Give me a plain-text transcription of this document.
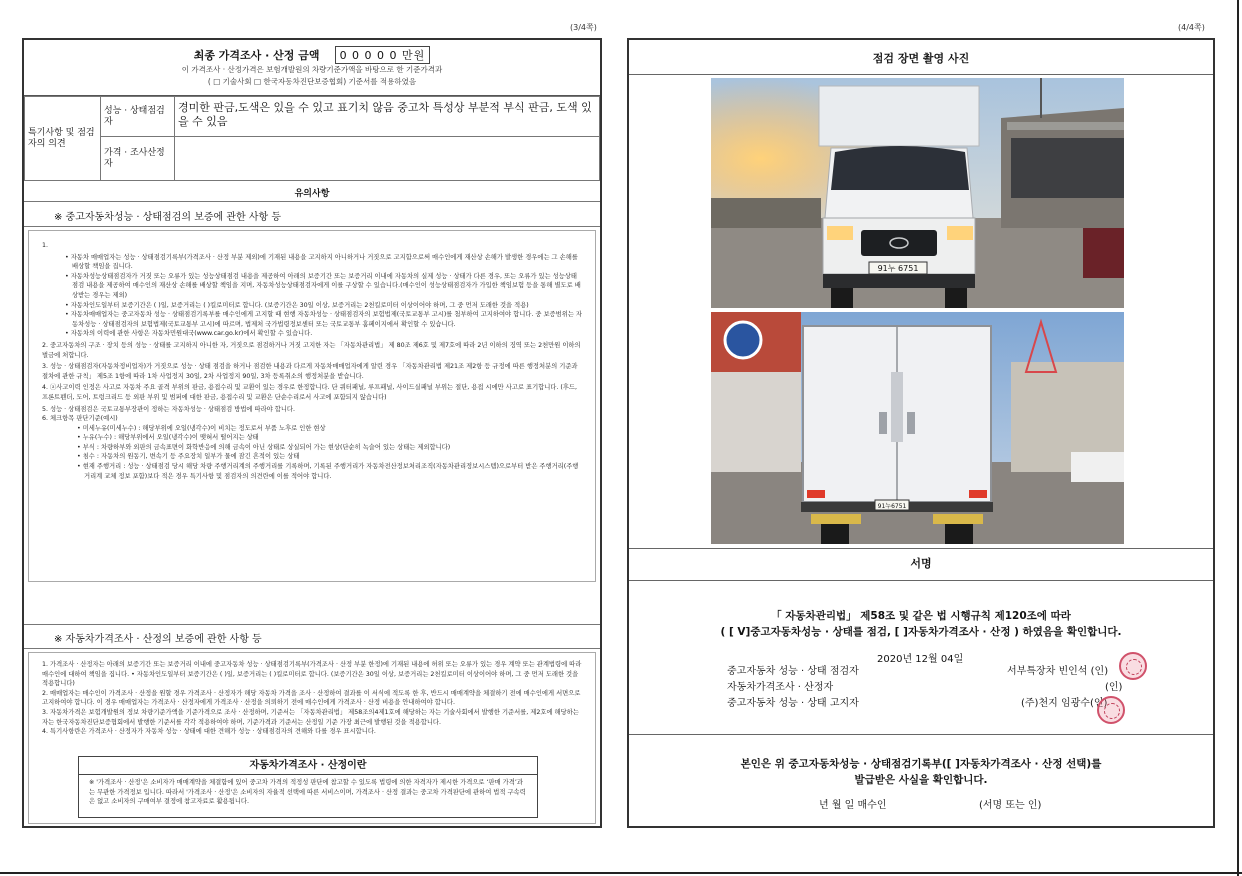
(3/4쪽)	(4/4쪽)
최종 가격조사 · 산정 금액 0 0 0 0 0 만원
이 가격조사 · 산정가격은 보험개발원의 차량기준가액을 바탕으로 한 기준가격과
( □ 기술사회 □ 한국자동차진단보증협회) 기준서를 적용하였음
특기사항 및 점검자의 의견	성능 · 상태점검자	경미한 판금,도색은 있을 수 있고 표기치 않음 중고차 특성상 부분적 부식 판금, 도색 있을 수 있음
	가격 · 조사산정자	
유의사항
※ 중고자동차성능 · 상태점검의 보증에 관한 사항 등
1.
• 자동차 매매업자는 성능 · 상태점검기록부(가격조사 · 산정 부분 제외)에 기재된 내용을 고지하지 아니하거나 거짓으로 고지함으로써 매수인에게 재산상 손해가 발생한 경우에는 그 손해를 배상할 책임을 집니다.
• 자동차성능상태점검자가 거짓 또는 오류가 있는 성능상태점검 내용을 제공하여 아래의 보증기간 또는 보증거리 이내에 자동차의 실제 성능 · 상태가 다른 경우, 또는 오류가 있는 성능상태점검 내용을 제공하여 매수인의 재산상 손해를 배상할 책임을 지며, 자동차성능상태점검자에게 이를 구상할 수 있습니다.(매수인이 성능상태점검자가 가입한 책임보험 등을 통해 별도로 배상받는 경우는 제외)
• 자동차인도일부터 보증기간은 ( )일, 보증거리는 ( )킬로미터로 합니다. (보증기간은 30일 이상, 보증거리는 2천킬로미터 이상이어야 하며, 그 중 먼저 도래한 것을 적용)
• 자동차매매업자는 중고자동차 성능 · 상태점검기록부를 매수인에게 고지할 때 현행 자동차성능 · 상태점검자의 보험법제(국토교통부 고시)를 첨부하여 고지하여야 합니다. 중 보증범위는 자동차성능 · 상태점검자의 보험법제(국토교통부 고시)에 따르며, 법제처 국가법령정보센터 또는 국토교통부 홈페이지에서 확인할 수 있습니다.
• 자동차의 이력에 관한 사항은 자동차민원대국(www.car.go.kr)에서 확인할 수 있습니다.
2. 중고자동차의 구조 · 장치 등의 성능 · 상태를 고지하지 아니한 자, 거짓으로 점검하거나 거짓 고지한 자는 「자동차관리법」 제 80조 제6호 및 제7호에 따라 2년 이하의 징역 또는 2천만원 이하의 벌금에 처합니다.
3. 성능 · 상태점검자(자동차정비업자)가 거짓으로 성능 · 상태 점검을 하거나 점검한 내용과 다르게 자동차매매업자에게 알린 경우 「자동차관리법 제21조 제2항 등 규정에 따른 행정처분의 기준과 절차에 관한 규칙」 제5조 1항에 따라 1차 사업정지 30일, 2차 사업정지 90일, 3차 등록취소의 행정처분을 받습니다.
4. ⓐ사고이력 인정은 사고로 자동차 주요 골격 부위의 판금, 용접수리 및 교환이 있는 경우로 한정합니다. 단 쿼터패널, 루프패널, 사이드실패널 부위는 절단, 용접 시에만 사고로 표기합니다. (후드, 프론트펜더, 도어, 트렁크리드 등 외판 부위 및 범퍼에 대한 판금, 용접수리 및 교환은 단순수리로서 사고에 포함되지 않습니다)
5. 성능 · 상태점검은 국토교통부장관이 정하는 자동차성능 · 상태점검 방법에 따라야 합니다.
6. 체크항목 판단기준(예시)
• 미세누유(미세누수) : 해당부위에 오일(냉각수)이 비치는 정도로서 부품 노후로 인한 현상
• 누유(누수) : 해당부위에서 오일(냉각수)이 맺혀서 떨어지는 상태
• 부식 : 차량하부와 외판의 금속표면이 화학반응에 의해 금속이 아닌 상태로 상실되어 가는 현상(단순히 녹슬어 있는 상태는 제외합니다)
• 침수 : 자동차의 원동기, 변속기 등 주요장치 일부가 물에 잠긴 흔적이 있는 상태
• 현재 주행거리 : 성능 · 상태점검 당시 해당 차량 주행거리계의 주행거리를 기록하며, 기록된 주행거리가 자동차전산정보처리조직(자동차관리정보시스템)으로부터 받은 주행거리(주행거리계 교체 정보 포함)보다 적은 경우 특기사항 및 점검자의 의견란에 이를 적어야 합니다.
※ 자동차가격조사 · 산정의 보증에 관한 사항 등
1. 가격조사 · 산정자는 아래의 보증기간 또는 보증거리 이내에 중고자동차 성능 · 상태점검기록부(가격조사 · 산정 부분 한정)에 기재된 내용에 허위 또는 오류가 있는 경우 계약 또는 관계법령에 따라 매수인에 대하여 책임을 집니다. • 자동차인도일부터 보증기간은 ( )일, 보증거리는 ( )킬로미터로 합니다. (보증기간은 30일 이상, 보증거리는 2천킬로미터 이상이어야 하며, 그 중 먼저 도래한 것을 적용합니다)
2. 매매업자는 매수인이 가격조사 · 산정을 원할 경우 가격조사 · 산정자가 해당 자동차 가격을 조사 · 산정하여 결과를 이 서식에 적도록 한 후, 반드시 매매계약을 체결하기 전에 매수인에게 서면으로 고지하여야 합니다. 이 경우 매매업자는 가격조사 · 산정자에게 가격조사 · 산정을 의뢰하기 전에 매수인에게 가격조사 · 산정 비용을 안내하여야 합니다.
3. 자동차가격은 보험개발원의 정보 차량기준가액을 기준가격으로 조사 · 산정하며, 기준서는 「자동차관리법」 제58조의4제1호에 해당하는 자는 기술사회에서 발행한 기준서를, 제2호에 해당하는 자는 한국자동차진단보증협회에서 발행한 기준서를 각각 적용하여야 하며, 기준가격과 기준서는 산정일 기준 가장 최근에 발행된 것을 적용합니다.
4. 특기사항란은 가격조사 · 산정자가 자동차 성능 · 상태에 대한 견해가 성능 · 상태점검자의 견해와 다를 경우 표시합니다.
자동차가격조사 · 산정이란
※ '가격조사 · 산정'은 소비자가 매매계약을 체결함에 있어 중고차 가격의 적정성 판단에 참고할 수 있도록 법령에 의한 자격자가 제시한 가격으로 ‘판매 가격’과는 무관한 가격정보 입니다. 따라서 '가격조사 · 산정'은 소비자의 자율적 선택에 따른 서비스이며, 가격조사 · 산정 결과는 중고차 가격판단에 관하여 법적 구속력은 없고 소비자의 구매여부 결정에 참고자료로 활용됩니다.
점검 장면 촬영 사진
91누 6751
91누6751
서명
「 자동차관리법」 제58조 및 같은 법 시행규칙 제120조에 따라
( [ V]중고자동차성능 · 상태를 점검, [ ]자동차가격조사 · 산정 ) 하였음을 확인합니다.
2020년 12월 04일
중고자동차 성능 · 상태 점검자	서부특장차 빈인석 (인)
자동차가격조사 · 산정자	(인)
중고자동차 성능 · 상태 고지자	(주)천지 임광수(인)
본인은 위 중고자동차성능 · 상태점검기록부([ ]자동차가격조사 · 산정 선택)를
발급받은 사실을 확인합니다.
년 월 일 매수인	(서명 또는 인)
